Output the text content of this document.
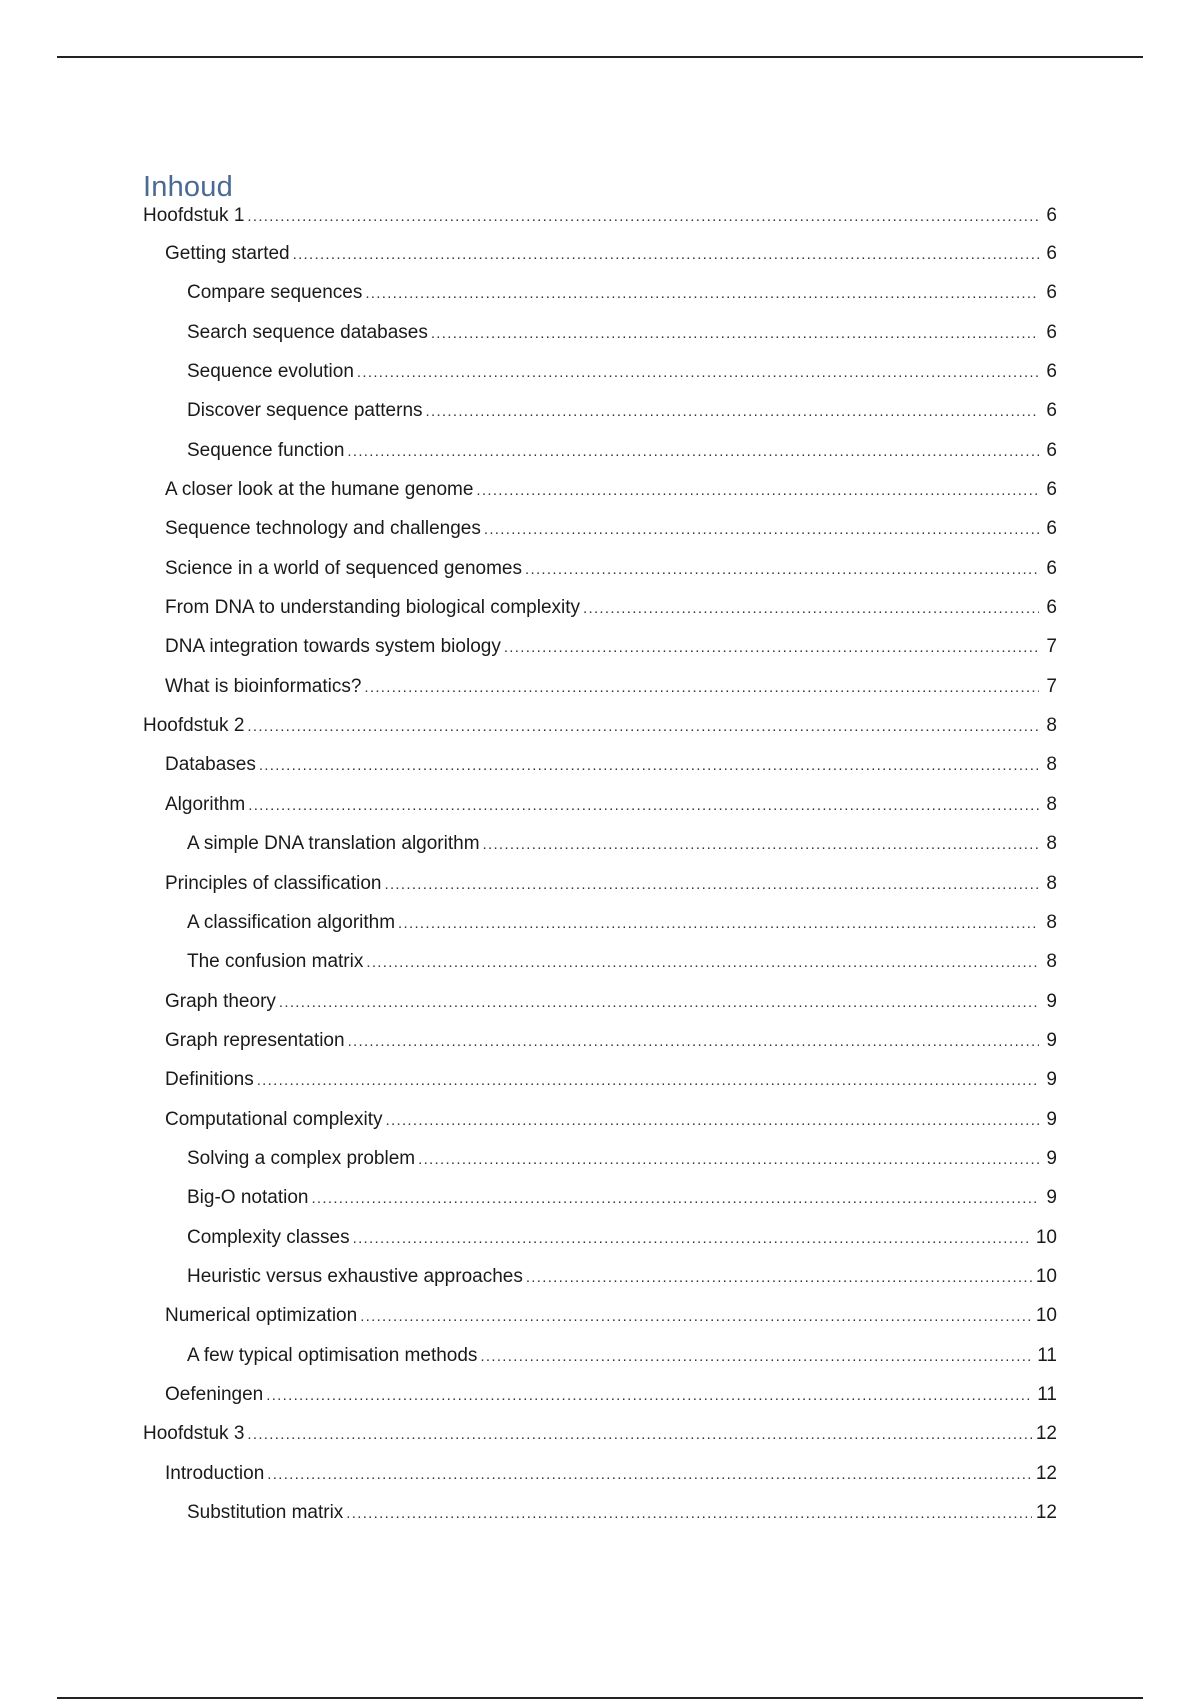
Inhoud
Hoofdstuk 1 .....	6
Getting started .....	6
Compare sequences .....	6
Search sequence databases .....	6
Sequence evolution .....	6
Discover sequence patterns .....	6
Sequence function .....	6
A closer look at the humane genome .....	6
Sequence technology and challenges .....	6
Science in a world of sequenced genomes .....	6
From DNA to understanding biological complexity .....	6
DNA integration towards system biology .....	7
What is bioinformatics? .....	7
Hoofdstuk 2 .....	8
Databases .....	8
Algorithm .....	8
A simple DNA translation algorithm .....	8
Principles of classification .....	8
A classification algorithm .....	8
The confusion matrix .....	8
Graph theory .....	9
Graph representation .....	9
Definitions .....	9
Computational complexity .....	9
Solving a complex problem .....	9
Big-O notation .....	9
Complexity classes .....	10
Heuristic versus exhaustive approaches .....	10
Numerical optimization .....	10
A few typical optimisation methods .....	11
Oefeningen .....	11
Hoofdstuk 3 .....	12
Introduction .....	12
Substitution matrix .....	12
